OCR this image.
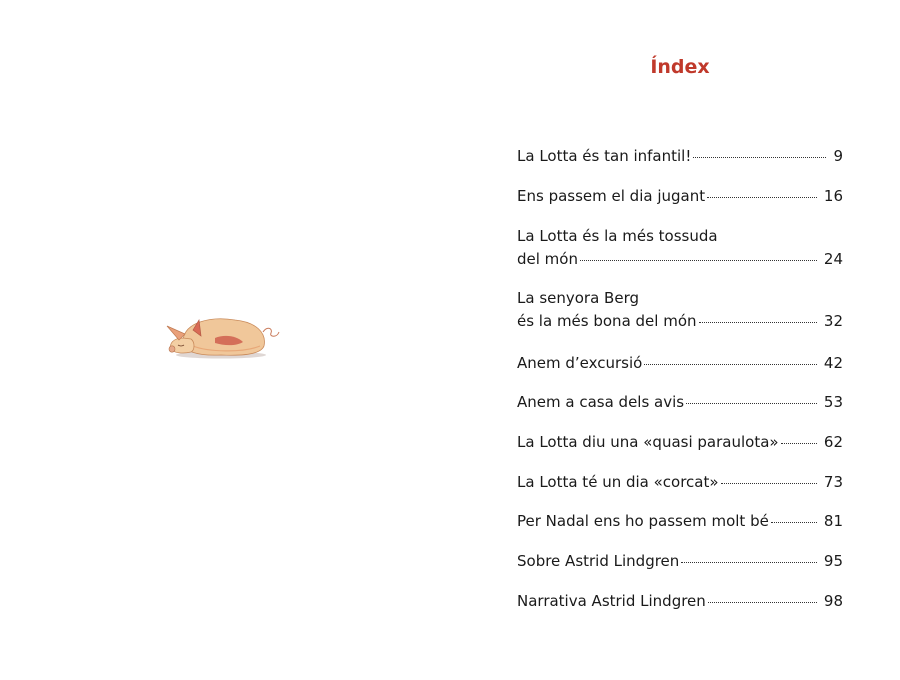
Índex
La Lotta és tan infantil!	9
Ens passem el dia jugant	16
La Lotta és la més tossuda
del món	24
La senyora Berg
és la més bona del món	32
Anem d’excursió	42
Anem a casa dels avis	53
La Lotta diu una «quasi paraulota»	62
La Lotta té un dia «corcat»	73
Per Nadal ens ho passem molt bé	81
Sobre Astrid Lindgren	95
Narrativa Astrid Lindgren	98
